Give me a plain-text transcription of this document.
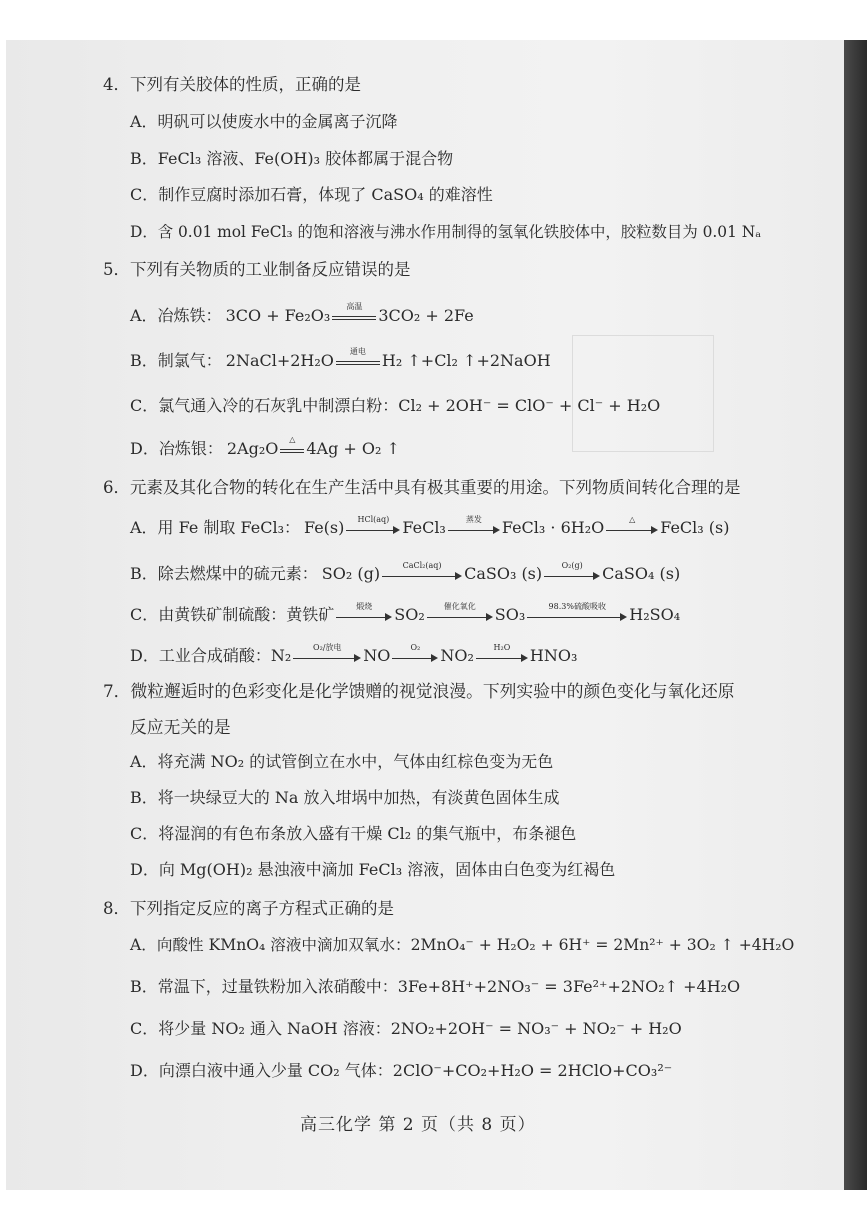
4．下列有关胶体的性质，正确的是
A．明矾可以使废水中的金属离子沉降
B．FeCl₃ 溶液、Fe(OH)₃ 胶体都属于混合物
C．制作豆腐时添加石膏，体现了 CaSO₄ 的难溶性
D．含 0.01 mol FeCl₃ 的饱和溶液与沸水作用制得的氢氧化铁胶体中，胶粒数目为 0.01 Nₐ
5．下列有关物质的工业制备反应错误的是
A．冶炼铁： 3CO + Fe₂O₃	高温	3CO₂ + 2Fe
B．制氯气： 2NaCl+2H₂O	通电	H₂ ↑+Cl₂ ↑+2NaOH
C．氯气通入冷的石灰乳中制漂白粉：Cl₂ + 2OH⁻ = ClO⁻ + Cl⁻ + H₂O
D．冶炼银： 2Ag₂O	△ 4Ag + O₂ ↑
6．元素及其化合物的转化在生产生活中具有极其重要的用途。下列物质间转化合理的是
A．用 Fe 制取 FeCl₃： Fe(s)	HCl(aq) FeCl₃	蒸发	FeCl₃ · 6H₂O	△	FeCl₃ (s)
B．除去燃煤中的硫元素： SO₂ (g)	CaCl₂(aq)	CaSO₃ (s)	O₂(g)	CaSO₄ (s)
C．由黄铁矿制硫酸：黄铁矿	煅烧	SO₂	催化氧化	SO₃	98.3%硫酸吸收	H₂SO₄
D．工业合成硝酸：N₂	O₂/放电	NO	O₂	NO₂	H₂O	HNO₃
7．微粒邂逅时的色彩变化是化学馈赠的视觉浪漫。下列实验中的颜色变化与氧化还原
反应无关的是
A．将充满 NO₂ 的试管倒立在水中，气体由红棕色变为无色
B．将一块绿豆大的 Na 放入坩埚中加热，有淡黄色固体生成
C．将湿润的有色布条放入盛有干燥 Cl₂ 的集气瓶中，布条褪色
D．向 Mg(OH)₂ 悬浊液中滴加 FeCl₃ 溶液，固体由白色变为红褐色
8．下列指定反应的离子方程式正确的是
A．向酸性 KMnO₄ 溶液中滴加双氧水：2MnO₄⁻ + H₂O₂ + 6H⁺ = 2Mn²⁺ + 3O₂ ↑ +4H₂O
B．常温下，过量铁粉加入浓硝酸中：3Fe+8H⁺+2NO₃⁻ = 3Fe²⁺+2NO₂↑ +4H₂O
C．将少量 NO₂ 通入 NaOH 溶液：2NO₂+2OH⁻ = NO₃⁻ + NO₂⁻ + H₂O
D．向漂白液中通入少量 CO₂ 气体：2ClO⁻+CO₂+H₂O = 2HClO+CO₃²⁻
高三化学 第 2 页（共 8 页）
